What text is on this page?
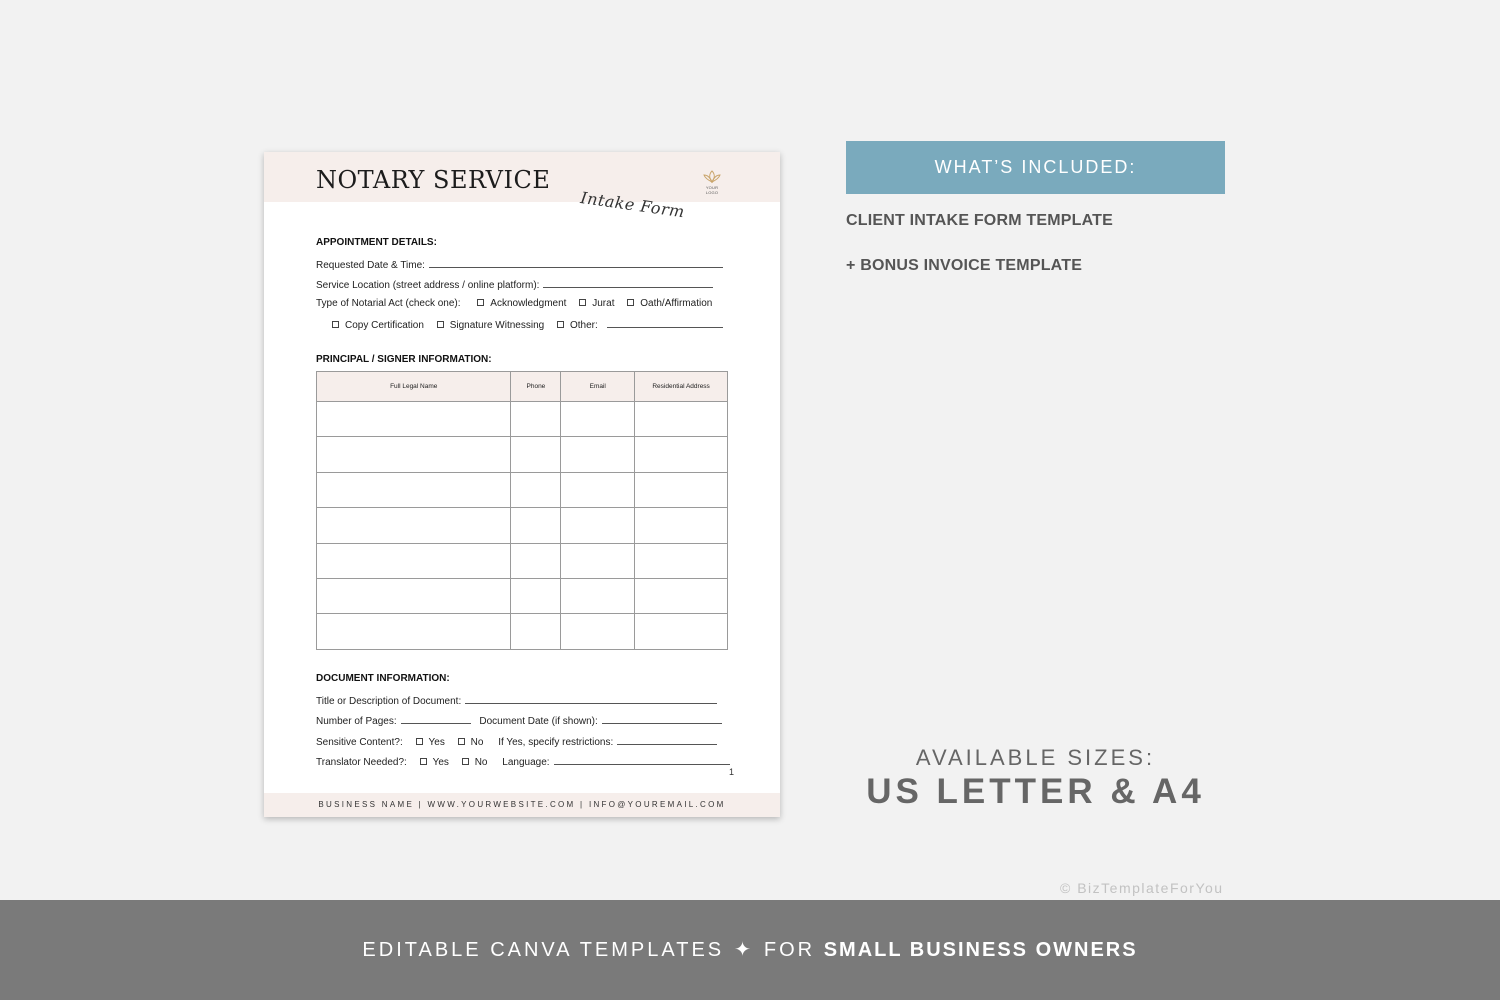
NOTARY SERVICE
Intake Form
YOUR LOGO
APPOINTMENT DETAILS:
Requested Date & Time:
Service Location (street address / online platform):
Type of Notarial Act (check one):	Acknowledgment	Jurat	Oath/Affirmation
Copy Certification	Signature Witnessing	Other:
PRINCIPAL / SIGNER INFORMATION:
Full Legal Name	Phone	Email	Residential Address

DOCUMENT INFORMATION:
Title or Description of Document:
Number of Pages:	Document Date (if shown):
Sensitive Content?:	Yes	No If Yes, specify restrictions:
Translator Needed?:	Yes	No Language:
1
BUSINESS NAME | WWW.YOURWEBSITE.COM | INFO@YOUREMAIL.COM
WHAT’S INCLUDED:
CLIENT INTAKE FORM TEMPLATE
+ BONUS INVOICE TEMPLATE
AVAILABLE SIZES:
US LETTER & A4
© BizTemplateForYou
EDITABLE CANVA TEMPLATES ✦ FOR SMALL BUSINESS OWNERS
